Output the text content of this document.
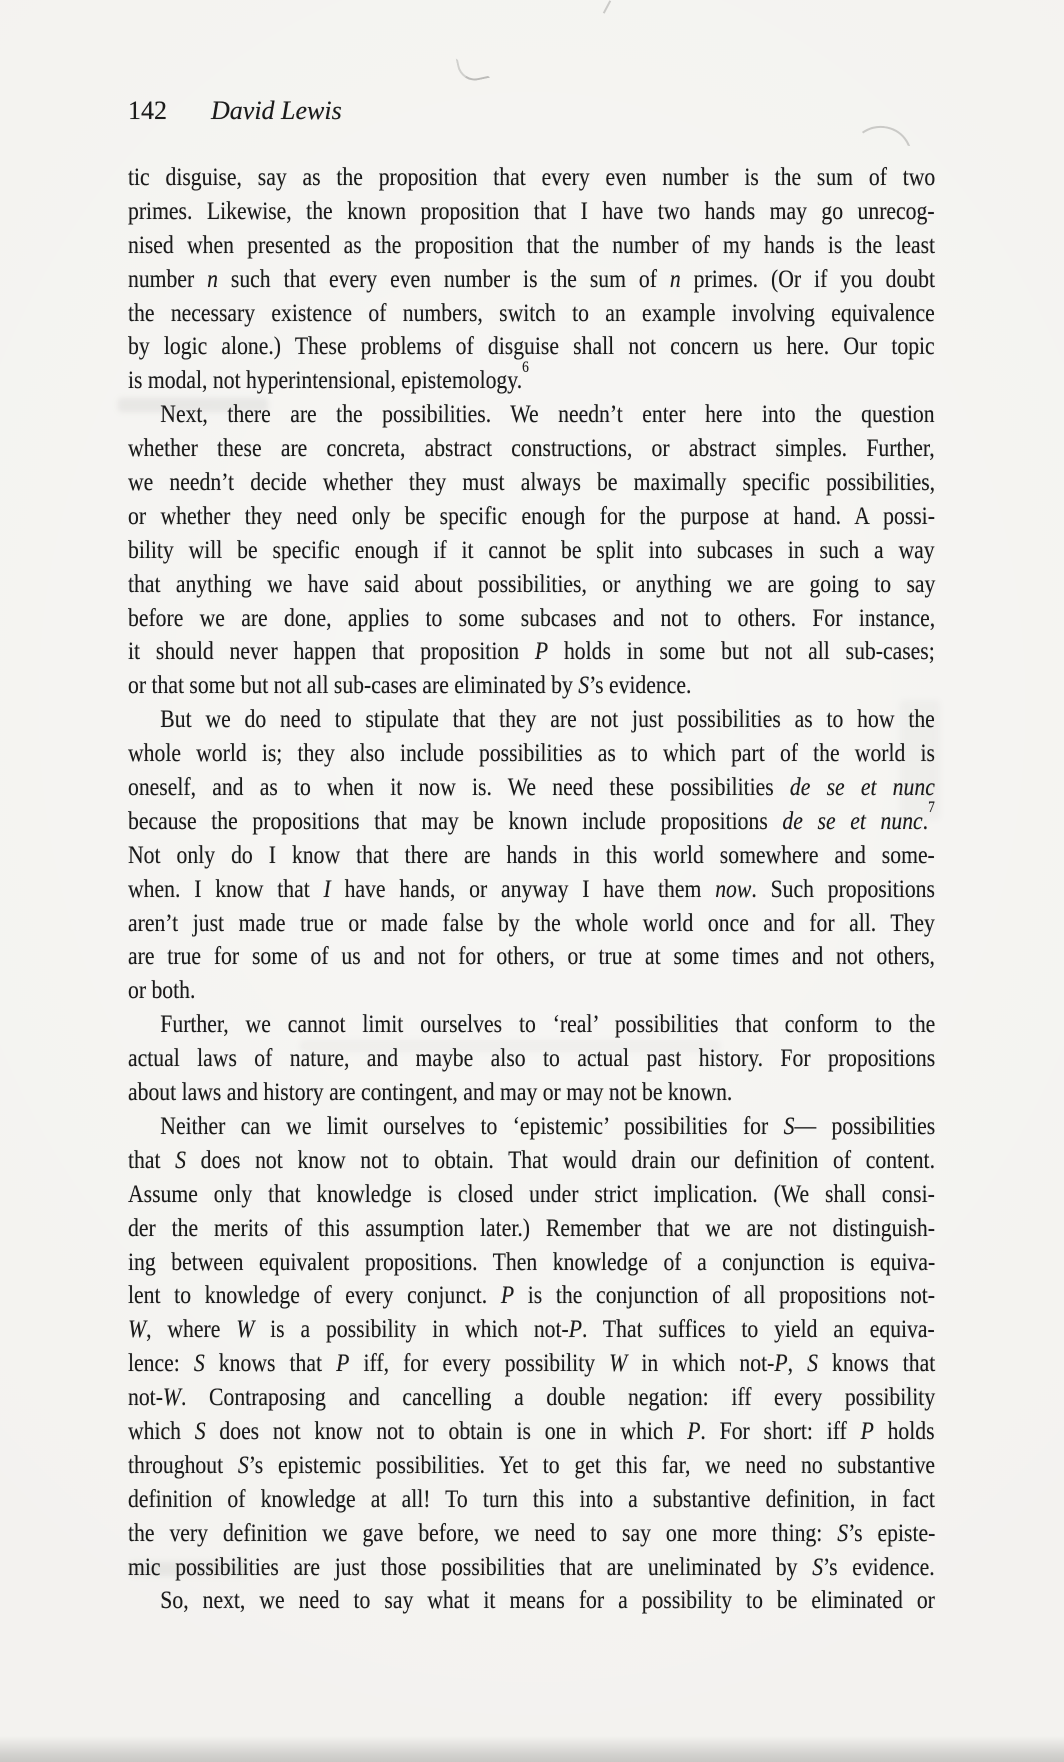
142 David Lewis
tic disguise, say as the proposition that every even number is the sum of two
primes. Likewise, the known proposition that I have two hands may go unrecog-
nised when presented as the proposition that the number of my hands is the least
number n such that every even number is the sum of n primes. (Or if you doubt
the necessary existence of numbers, switch to an example involving equivalence
by logic alone.) These problems of disguise shall not concern us here. Our topic
is modal, not hyperintensional, epistemology.$^6$
Next, there are the possibilities. We needn’t enter here into the question
whether these are concreta, abstract constructions, or abstract simples. Further,
we needn’t decide whether they must always be maximally specific possibilities,
or whether they need only be specific enough for the purpose at hand. A possi-
bility will be specific enough if it cannot be split into subcases in such a way
that anything we have said about possibilities, or anything we are going to say
before we are done, applies to some subcases and not to others. For instance,
it should never happen that proposition P holds in some but not all sub-cases;
or that some but not all sub-cases are eliminated by S’s evidence.
But we do need to stipulate that they are not just possibilities as to how the
whole world is; they also include possibilities as to which part of the world is
oneself, and as to when it now is. We need these possibilities de se et nunc
because the propositions that may be known include propositions de se et nunc.$^7$
Not only do I know that there are hands in this world somewhere and some-
when. I know that I have hands, or anyway I have them now. Such propositions
aren’t just made true or made false by the whole world once and for all. They
are true for some of us and not for others, or true at some times and not others,
or both.
Further, we cannot limit ourselves to ‘real’ possibilities that conform to the
actual laws of nature, and maybe also to actual past history. For propositions
about laws and history are contingent, and may or may not be known.
Neither can we limit ourselves to ‘epistemic’ possibilities for S— possibilities
that S does not know not to obtain. That would drain our definition of content.
Assume only that knowledge is closed under strict implication. (We shall consi-
der the merits of this assumption later.) Remember that we are not distinguish-
ing between equivalent propositions. Then knowledge of a conjunction is equiva-
lent to knowledge of every conjunct. P is the conjunction of all propositions not-
W, where W is a possibility in which not-P. That suffices to yield an equiva-
lence: S knows that P iff, for every possibility W in which not-P, S knows that
not-W. Contraposing and cancelling a double negation: iff every possibility
which S does not know not to obtain is one in which P. For short: iff P holds
throughout S’s epistemic possibilities. Yet to get this far, we need no substantive
definition of knowledge at all! To turn this into a substantive definition, in fact
the very definition we gave before, we need to say one more thing: S’s episte-
mic possibilities are just those possibilities that are uneliminated by S’s evidence.
So, next, we need to say what it means for a possibility to be eliminated or
